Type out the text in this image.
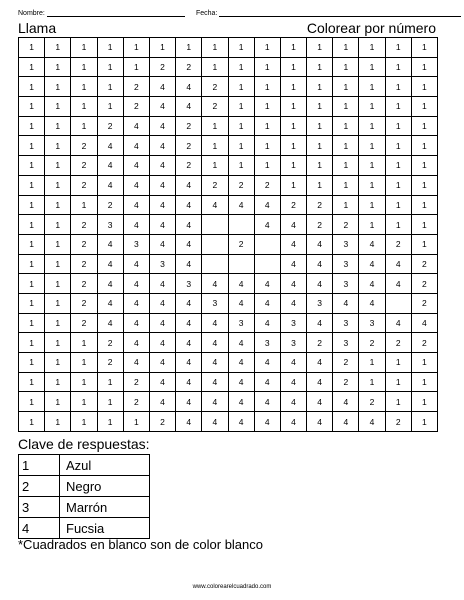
Nombre:	Fecha:
Llama	Colorear por número
1	1	1	1	1	1	1	1	1	1	1	1	1	1	1	1
1	1	1	1	1	2	2	1	1	1	1	1	1	1	1	1
1	1	1	1	2	4	4	2	1	1	1	1	1	1	1	1
1	1	1	1	2	4	4	2	1	1	1	1	1	1	1	1
1	1	1	2	4	4	2	1	1	1	1	1	1	1	1	1
1	1	2	4	4	4	2	1	1	1	1	1	1	1	1	1
1	1	2	4	4	4	2	1	1	1	1	1	1	1	1	1
1	1	2	4	4	4	4	2	2	2	1	1	1	1	1	1
1	1	1	2	4	4	4	4	4	4	2	2	1	1	1	1
1	1	2	3	4	4	4			4	4	2	2	1	1	1
1	1	2	4	3	4	4		2		4	4	3	4	2	1
1	1	2	4	4	3	4				4	4	3	4	4	2
1	1	2	4	4	4	3	4	4	4	4	4	3	4	4	2
1	1	2	4	4	4	4	3	4	4	4	3	4	4		2
1	1	2	4	4	4	4	4	3	4	3	4	3	3	4	4
1	1	1	2	4	4	4	4	4	3	3	2	3	2	2	2
1	1	1	2	4	4	4	4	4	4	4	4	2	1	1	1
1	1	1	1	2	4	4	4	4	4	4	4	2	1	1	1
1	1	1	1	2	4	4	4	4	4	4	4	4	2	1	1
1	1	1	1	1	2	4	4	4	4	4	4	4	4	2	1
Clave de respuestas:
1	Azul
2	Negro
3	Marrón
4	Fucsia
*Cuadrados en blanco son de color blanco
www.colorearelcuadrado.com
